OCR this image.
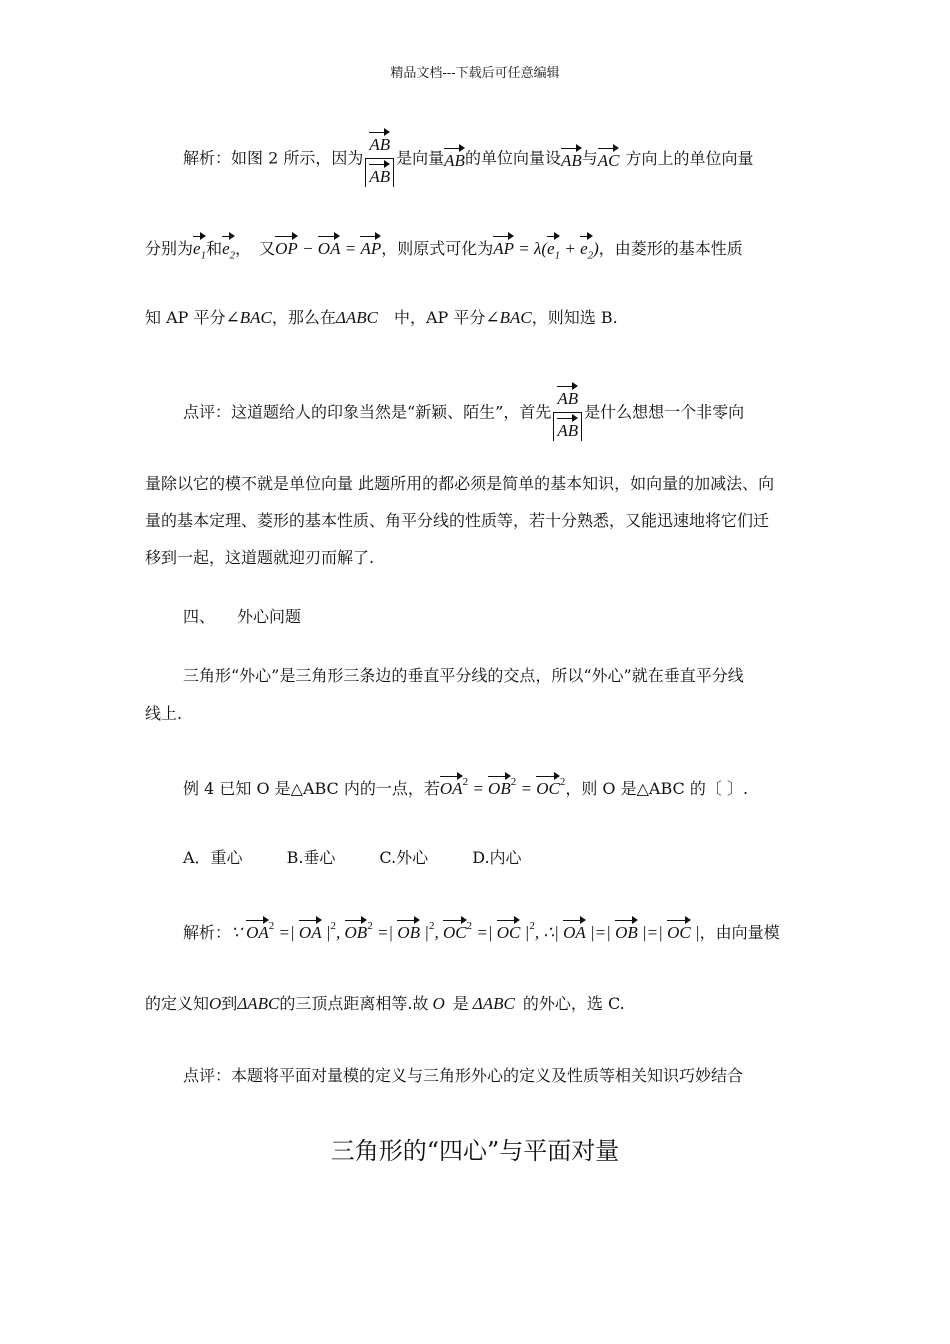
精品文档---下载后可任意编辑
解析：如图 2 所示，因为 $\frac{AB}{AB}$ 是向量AB的单位向量设AB与AC 方向上的单位向量
分别为$e_1$和$e_2$，　又OP − OA = AP，则原式可化为AP = $\lambda(e_1 + e_2)$，由菱形的基本性质
知 AP 平分∠BAC，那么在ΔABC　中，AP 平分∠BAC，则知选 B.
点评：这道题给人的印象当然是“新颖、陌生”，首先 $\frac{AB}{AB}$ 是什么想想一个非零向
量除以它的模不就是单位向量 此题所用的都必须是简单的基本知识，如向量的加减法、向
量的基本定理、菱形的基本性质、角平分线的性质等，若十分熟悉，又能迅速地将它们迁
移到一起，这道题就迎刃而解了.
四、 外心问题
三角形“外心”是三角形三条边的垂直平分线的交点，所以“外心”就在垂直平分线
线上.
例 4 已知 O 是△ABC 内的一点，若$OA^2 = OB^2 = OC^2$，则 O 是△ABC 的〔 〕.
A．重心	B.垂心	C.外心	D.内心
解析：∵ $OA^2$ =| OA $|^2$, $OB^2$ =| OB $|^2$, $OC^2$ =| OC $|^2$, ∴| OA |=| OB |=| OC |，由向量模
的定义知O到ΔABC的三顶点距离相等.故 O 是 ΔABC 的外心，选 C.
点评：本题将平面对量模的定义与三角形外心的定义及性质等相关知识巧妙结合
三角形的“四心”与平面对量
